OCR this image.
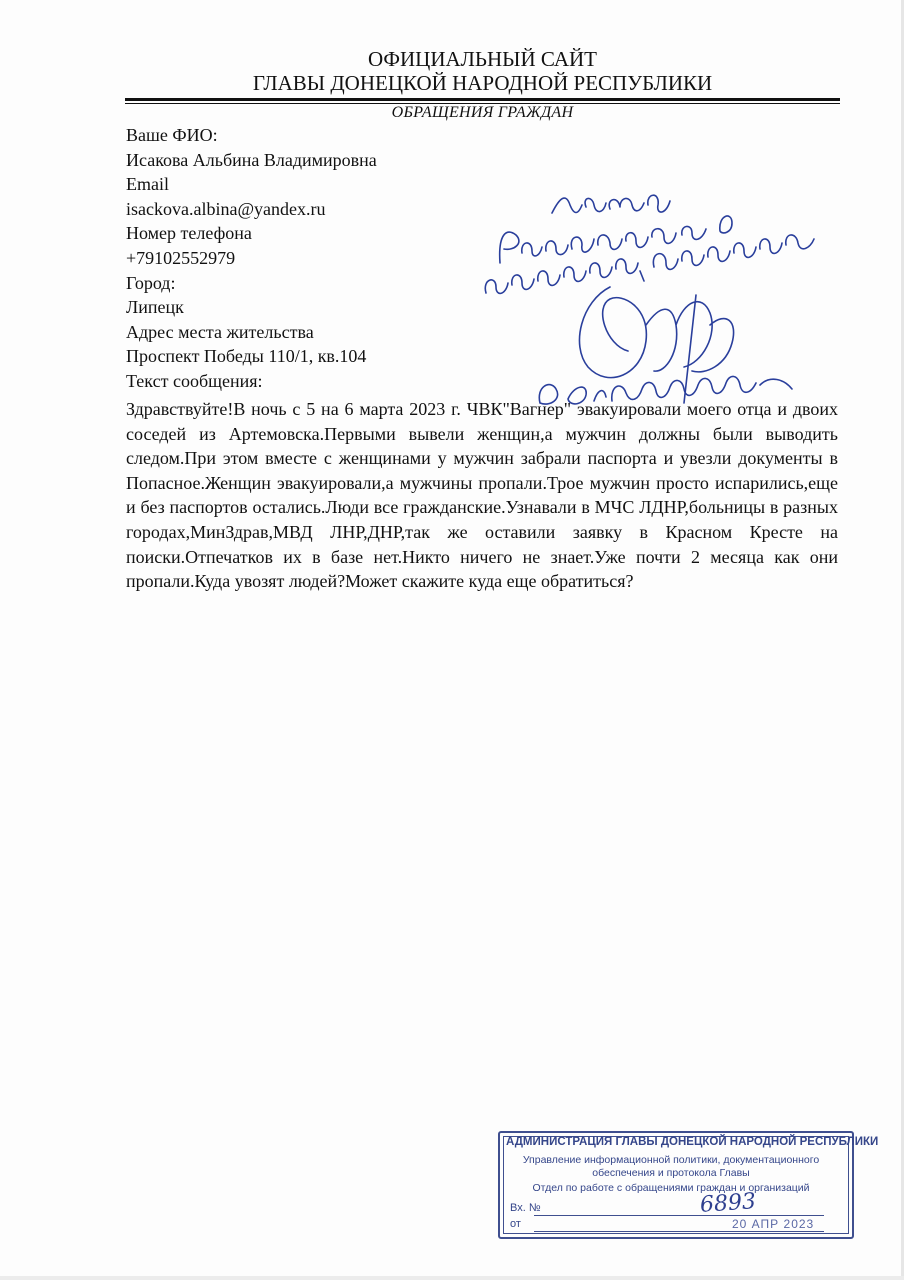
ОФИЦИАЛЬНЫЙ САЙТ
ГЛАВЫ ДОНЕЦКОЙ НАРОДНОЙ РЕСПУБЛИКИ
ОБРАЩЕНИЯ ГРАЖДАН
Ваше ФИО:
Исакова Альбина Владимировна
Email
isackova.albina@yandex.ru
Номер телефона
+79102552979
Город:
Липецк
Адрес места жительства
Проспект Победы 110/1, кв.104
Текст сообщения:
Здравствуйте!В ночь с 5 на 6 марта 2023 г. ЧВК"Вагнер" эвакуировали моего отца и двоих соседей из Артемовска.Первыми вывели женщин,а мужчин должны были выводить следом.При этом вместе с женщинами у мужчин забрали паспорта и увезли документы в Попасное.Женщин эвакуировали,а мужчины пропали.Трое мужчин просто испарились,еще и без паспортов остались.Люди все гражданские.Узнавали в МЧС ЛДНР,больницы в разных городах,МинЗдрав,МВД ЛНР,ДНР,так же оставили заявку в Красном Кресте на поиски.Отпечатков их в базе нет.Никто ничего не знает.Уже почти 2 месяца как они пропали.Куда увозят людей?Может скажите куда еще обратиться?
АДМИНИСТРАЦИЯ ГЛАВЫ ДОНЕЦКОЙ НАРОДНОЙ РЕСПУБЛИКИ
Управление информационной политики, документационного
обеспечения и протокола Главы
Отдел по работе с обращениями граждан и организаций
Вх. №	6893
от	20 АПР 2023
